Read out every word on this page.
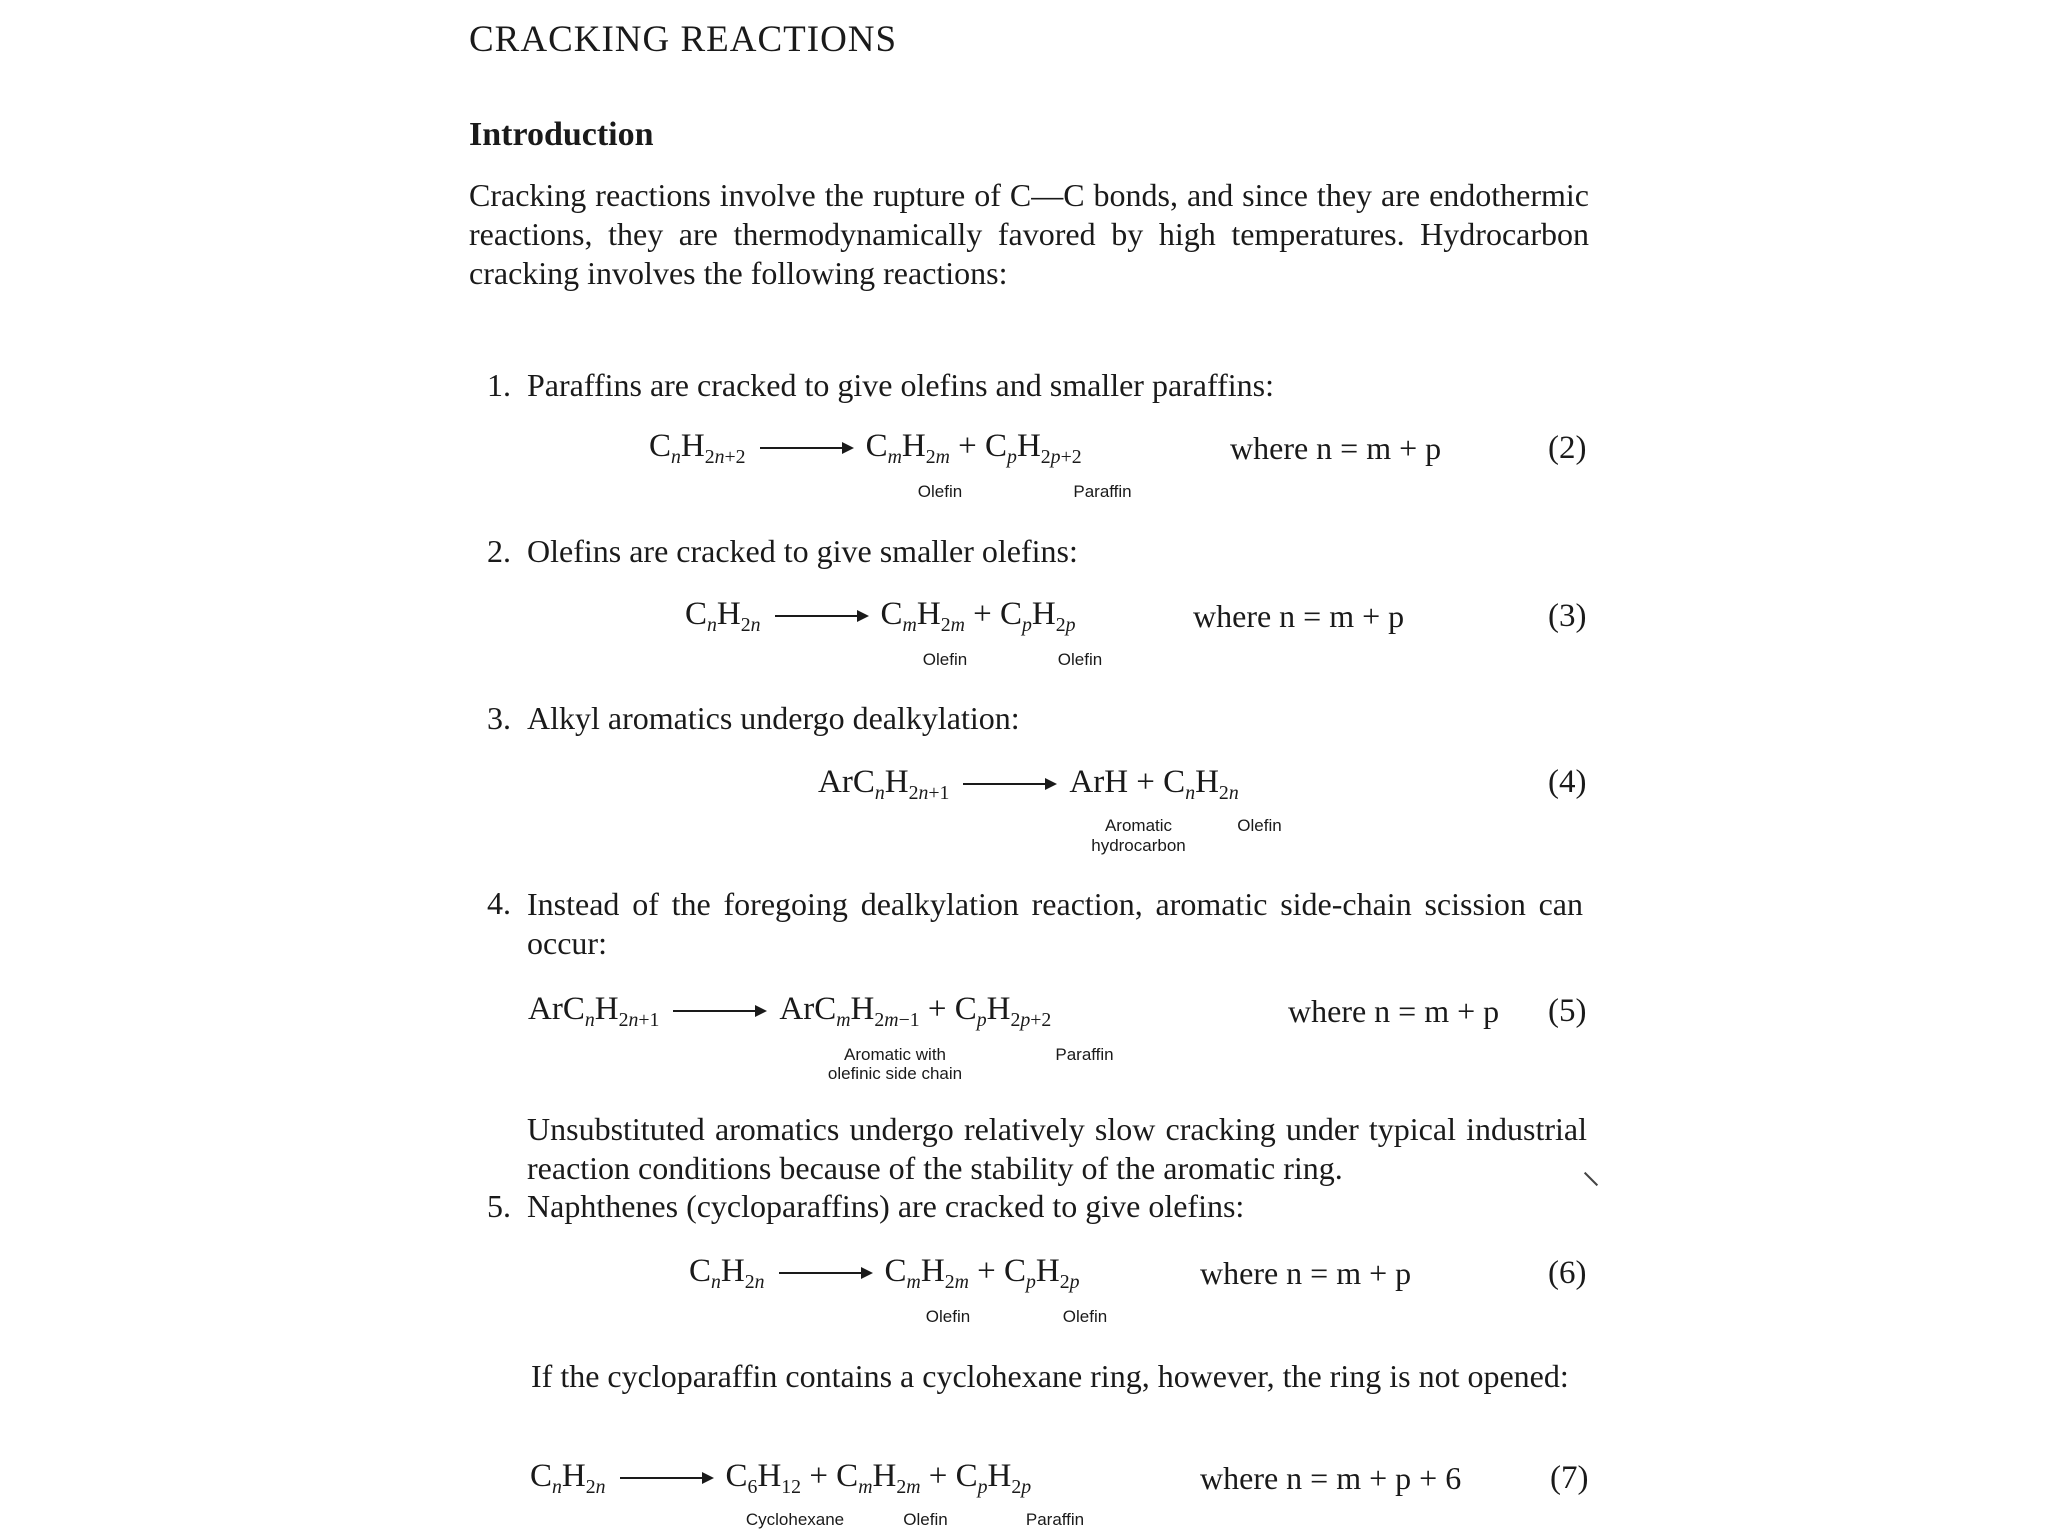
CRACKING REACTIONS
Introduction
Cracking reactions involve the rupture of C—C bonds, and since they are endothermic reactions, they are thermodynamically favored by high temperatures. Hydrocarbon cracking involves the following reactions:
1. Paraffins are cracked to give olefins and smaller paraffins:
$C_nH_{2n+2} \to C_mH_{2m} + C_pH_{2p+2}$
Olefin	Paraffin
where n = m + p	(2)
2. Olefins are cracked to give smaller olefins:
$C_nH_{2n} \to C_mH_{2m} + C_pH_{2p}$
Olefin	Olefin
where n = m + p	(3)
3. Alkyl aromatics undergo dealkylation:
$ArC_nH_{2n+1}$ → ArH + $C_nH_{2n}$
Aromatic
hydrocarbon
Olefin
(4)
4. Instead of the foregoing dealkylation reaction, aromatic side-chain scission can occur:
$ArC_nH_{2n+1} \to ArC_mH_{2m-1} + C_pH_{2p+2}$
Aromatic with
olefinic side chain
Paraffin
where n = m + p (5)
Unsubstituted aromatics undergo relatively slow cracking under typical industrial reaction conditions because of the stability of the aromatic ring.
5. Naphthenes (cycloparaffins) are cracked to give olefins:
$C_nH_{2n} \to C_mH_{2m} + C_pH_{2p}$
Olefin	Olefin
where n = m + p	(6)
If the cycloparaffin contains a cyclohexane ring, however, the ring is not opened:
$C_nH_{2n} \to C_6H_{12} + C_mH_{2m} + C_pH_{2p}$
Cyclohexane	Olefin	Paraffin
where n = m + p + 6	(7)
